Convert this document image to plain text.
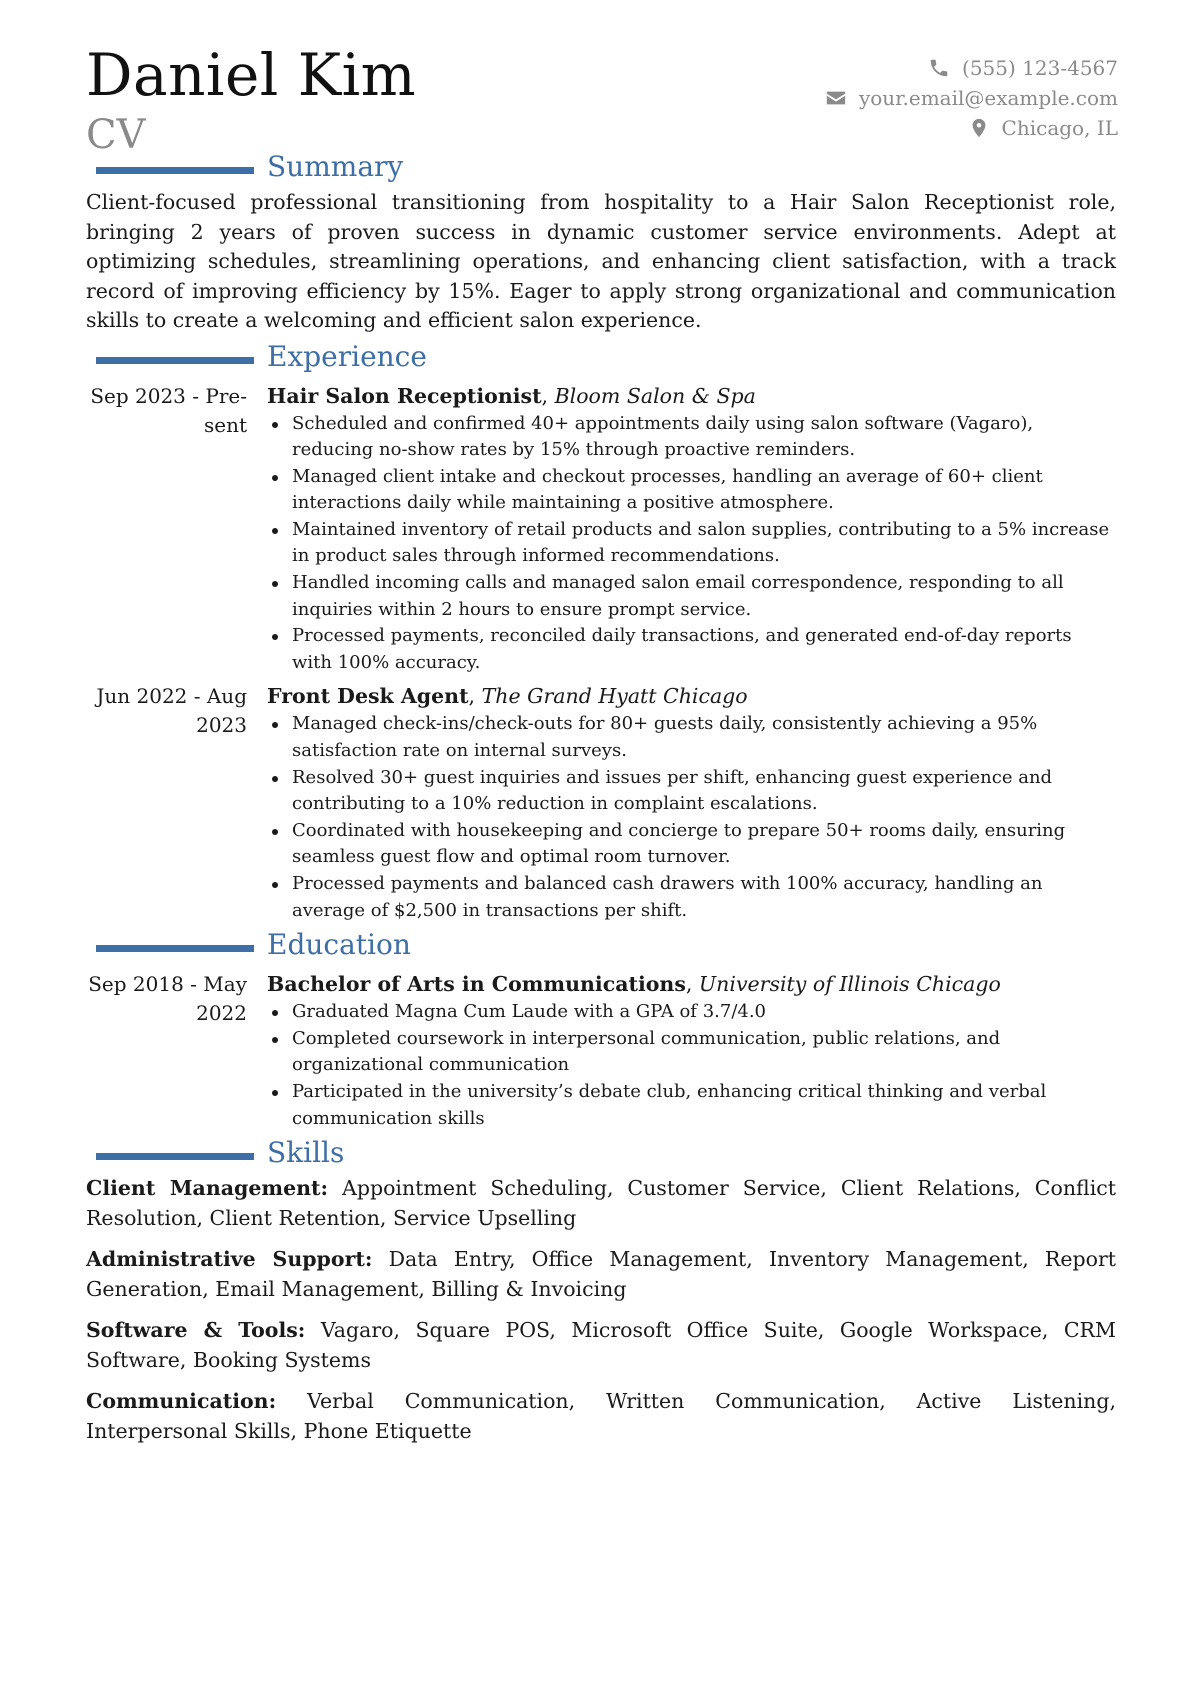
Daniel Kim
CV
(555) 123-4567
your.email@example.com
Chicago, IL
Summary

Client-focused professional transitioning from hospitality to a Hair Salon Receptionist role, bringing 2 years of proven success in dynamic customer service environments. Adept at optimizing schedules, streamlining operations, and enhancing client satisfaction, with a track record of improving efficiency by 15%. Eager to apply strong organizational and communication skills to create a welcoming and efficient salon experience.

Experience
Sep 2023 - Pre-
sent
Hair Salon Receptionist, Bloom Salon & Spa
Scheduled and confirmed 40+ appointments daily using salon software (Vagaro), reducing no-show rates by 15% through proactive reminders.
Managed client intake and checkout processes, handling an average of 60+ client interactions daily while maintaining a positive atmosphere.
Maintained inventory of retail products and salon supplies, contributing to a 5% increase in product sales through informed recommendations.
Handled incoming calls and managed salon email correspondence, responding to all inquiries within 2 hours to ensure prompt service.
Processed payments, reconciled daily transactions, and generated end-of-day reports with 100% accuracy.
Jun 2022 - Aug
2023
Front Desk Agent, The Grand Hyatt Chicago
Managed check-ins/check-outs for 80+ guests daily, consistently achieving a 95% satisfaction rate on internal surveys.
Resolved 30+ guest inquiries and issues per shift, enhancing guest experience and contributing to a 10% reduction in complaint escalations.
Coordinated with housekeeping and concierge to prepare 50+ rooms daily, ensuring seamless guest flow and optimal room turnover.
Processed payments and balanced cash drawers with 100% accuracy, handling an average of $2,500 in transactions per shift.
Education
Sep 2018 - May
2022
Bachelor of Arts in Communications, University of Illinois Chicago
Graduated Magna Cum Laude with a GPA of 3.7/4.0
Completed coursework in interpersonal communication, public relations, and organizational communication
Participated in the university’s debate club, enhancing critical thinking and verbal communication skills
Skills
Client Management: Appointment Scheduling, Customer Service, Client Relations, Conflict Resolution, Client Retention, Service Upselling
Administrative Support: Data Entry, Office Management, Inventory Management, Report Generation, Email Management, Billing & Invoicing
Software & Tools: Vagaro, Square POS, Microsoft Office Suite, Google Workspace, CRM Software, Booking Systems
Communication: Verbal Communication, Written Communication, Active Listening, Interpersonal Skills, Phone Etiquette
